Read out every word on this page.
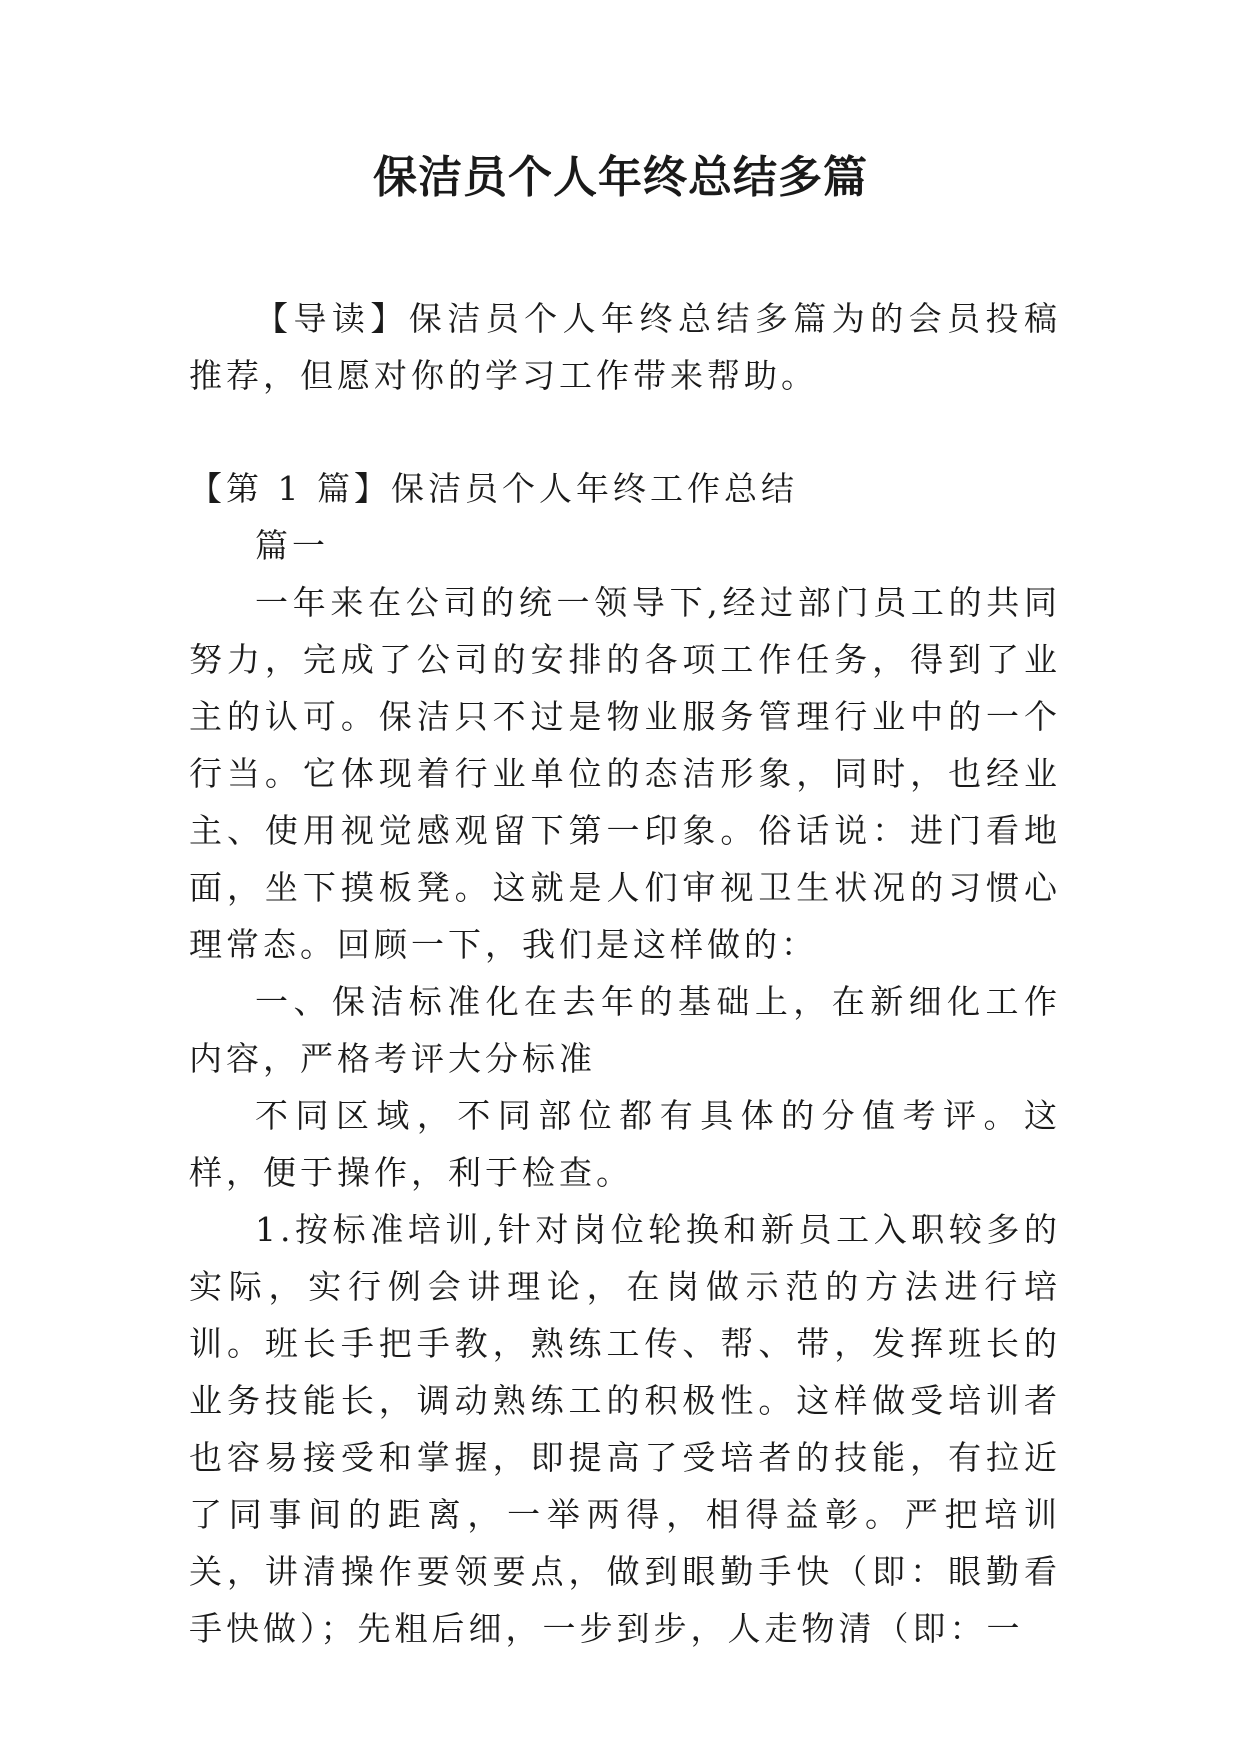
保洁员个人年终总结多篇

【导读】保洁员个人年终总结多篇为的会员投稿推荐，但愿对你的学习工作带来帮助。

【第 1 篇】保洁员个人年终工作总结

篇一

一年来在公司的统一领导下,经过部门员工的共同努力，完成了公司的安排的各项工作任务，得到了业主的认可。保洁只不过是物业服务管理行业中的一个行当。它体现着行业单位的态洁形象，同时，也经业主、使用视觉感观留下第一印象。俗话说：进门看地面，坐下摸板凳。这就是人们审视卫生状况的习惯心理常态。回顾一下，我们是这样做的：

一、保洁标准化在去年的基础上，在新细化工作内容，严格考评大分标准

不同区域，不同部位都有具体的分值考评。这样，便于操作，利于检查。

1.按标准培训,针对岗位轮换和新员工入职较多的实际，实行例会讲理论，在岗做示范的方法进行培训。班长手把手教，熟练工传、帮、带，发挥班长的业务技能长，调动熟练工的积极性。这样做受培训者也容易接受和掌握，即提高了受培者的技能，有拉近了同事间的距离，一举两得，相得益彰。严把培训关，讲清操作要领要点，做到眼勤手快（即：眼勤看手快做）；先粗后细，一步到步，人走物清（即：一
